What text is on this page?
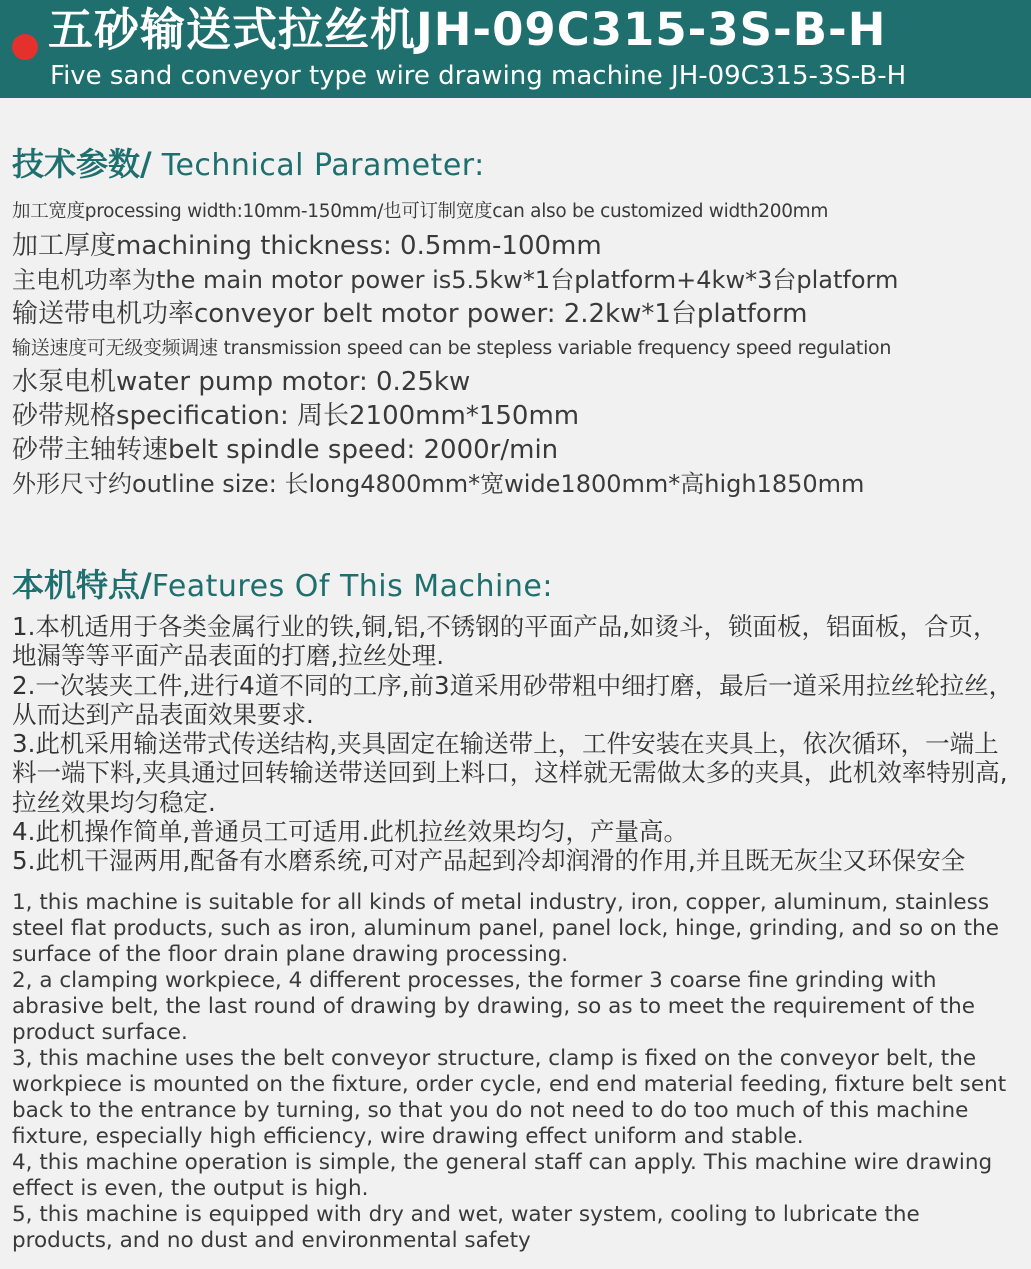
五砂输送式拉丝机JH-09C315-3S-B-H
Five sand conveyor type wire drawing machine JH-09C315-3S-B-H
技术参数/ Technical Parameter:
加工宽度processing width:10mm-150mm/也可订制宽度can also be customized width200mm
加工厚度machining thickness: 0.5mm-100mm
主电机功率为the main motor power is5.5kw*1台platform+4kw*3台platform
输送带电机功率conveyor belt motor power: 2.2kw*1台platform
输送速度可无级变频调速 transmission speed can be stepless variable frequency speed regulation
水泵电机water pump motor: 0.25kw
砂带规格specification: 周长2100mm*150mm
砂带主轴转速belt spindle speed: 2000r/min
外形尺寸约outline size: 长long4800mm*宽wide1800mm*高high1850mm
本机特点/Features Of This Machine:

1.本机适用于各类金属行业的铁,铜,铝,不锈钢的平面产品,如烫斗，锁面板，铝面板，合页，地漏等等平面产品表面的打磨,拉丝处理.

2.一次装夹工件,进行4道不同的工序,前3道采用砂带粗中细打磨，最后一道采用拉丝轮拉丝，从而达到产品表面效果要求.

3.此机采用输送带式传送结构,夹具固定在输送带上，工件安装在夹具上，依次循环，一端上料一端下料,夹具通过回转输送带送回到上料口，这样就无需做太多的夹具，此机效率特别高,拉丝效果均匀稳定.

4.此机操作简单,普通员工可适用.此机拉丝效果均匀，产量高。

5.此机干湿两用,配备有水磨系统,可对产品起到冷却润滑的作用,并且既无灰尘又环保安全

1, this machine is suitable for all kinds of metal industry, iron, copper, aluminum, stainless steel flat products, such as iron, aluminum panel, panel lock, hinge, grinding, and so on the surface of the floor drain plane drawing processing.

2, a clamping workpiece, 4 different processes, the former 3 coarse fine grinding with abrasive belt, the last round of drawing by drawing, so as to meet the requirement of the product surface.

3, this machine uses the belt conveyor structure, clamp is fixed on the conveyor belt, the workpiece is mounted on the fixture, order cycle, end end material feeding, fixture belt sent back to the entrance by turning, so that you do not need to do too much of this machine fixture, especially high efficiency, wire drawing effect uniform and stable.

4, this machine operation is simple, the general staff can apply. This machine wire drawing effect is even, the output is high.

5, this machine is equipped with dry and wet, water system, cooling to lubricate the products, and no dust and environmental safety
